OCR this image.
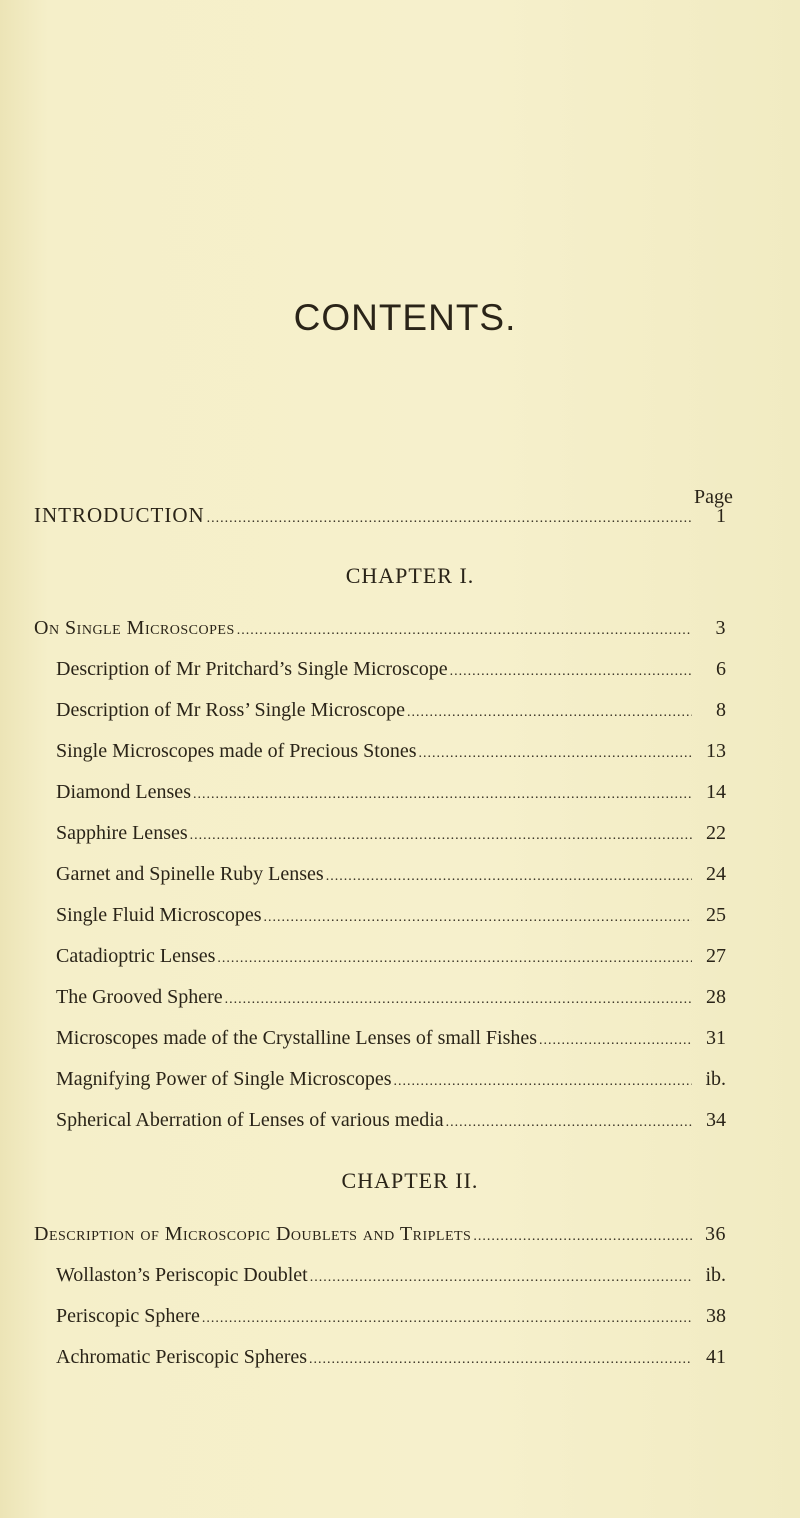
CONTENTS.
Page
INTRODUCTION .....	1
CHAPTER I.
On Single Microscopes .....	3
Description of Mr Pritchard’s Single Microscope .....	6
Description of Mr Ross’ Single Microscope .....	8
Single Microscopes made of Precious Stones .....	13
Diamond Lenses .....	14
Sapphire Lenses .....	22
Garnet and Spinelle Ruby Lenses .....	24
Single Fluid Microscopes .....	25
Catadioptric Lenses .....	27
The Grooved Sphere .....	28
Microscopes made of the Crystalline Lenses of small Fishes .....	31
Magnifying Power of Single Microscopes .....	ib.
Spherical Aberration of Lenses of various media .....	34
CHAPTER II.
Description of Microscopic Doublets and Triplets .....	36
Wollaston’s Periscopic Doublet .....	ib.
Periscopic Sphere .....	38
Achromatic Periscopic Spheres .....	41
